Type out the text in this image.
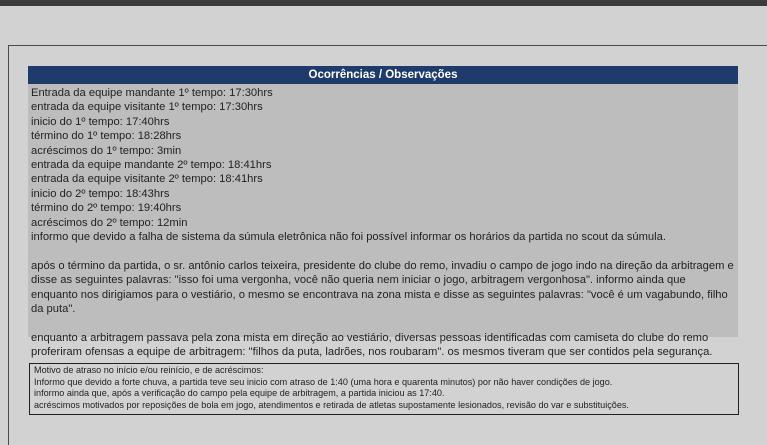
Ocorrências / Observações
Entrada da equipe mandante 1º tempo: 17:30hrs
entrada da equipe visitante 1º tempo: 17:30hrs
inicio do 1º tempo: 17:40hrs
término do 1º tempo: 18:28hrs
acréscimos do 1º tempo: 3min
entrada da equipe mandante 2º tempo: 18:41hrs
entrada da equipe visitante 2º tempo: 18:41hrs
inicio do 2º tempo: 18:43hrs
término do 2º tempo: 19:40hrs
acréscimos do 2º tempo: 12min
informo que devido a falha de sistema da súmula eletrônica não foi possível informar os horários da partida no scout da súmula.

após o término da partida, o sr. antônio carlos teixeira, presidente do clube do remo, invadiu o campo de jogo indo na direção da arbitragem e disse as seguintes palavras: "isso foi uma vergonha, você não queria nem iniciar o jogo, arbitragem vergonhosa". informo ainda que enquanto nos dirigiamos para o vestiário, o mesmo se encontrava na zona mista e disse as seguintes palavras: "você é um vagabundo, filho da puta".

enquanto a arbitragem passava pela zona mista em direção ao vestiário, diversas pessoas identificadas com camiseta do clube do remo proferiram ofensas a equipe de arbitragem: "filhos da puta, ladrões, nos roubaram". os mesmos tiveram que ser contidos pela segurança.

Motivo de atraso no início e/ou reinício, e de acréscimos:
Informo que devido a forte chuva, a partida teve seu inicio com atraso de 1:40 (uma hora e quarenta minutos) por não haver condições de jogo.
informo ainda que, após a verificação do campo pela equipe de arbitragem, a partida iniciou as 17:40.
acréscimos motivados por reposições de bola em jogo, atendimentos e retirada de atletas supostamente lesionados, revisão do var e substituições.
